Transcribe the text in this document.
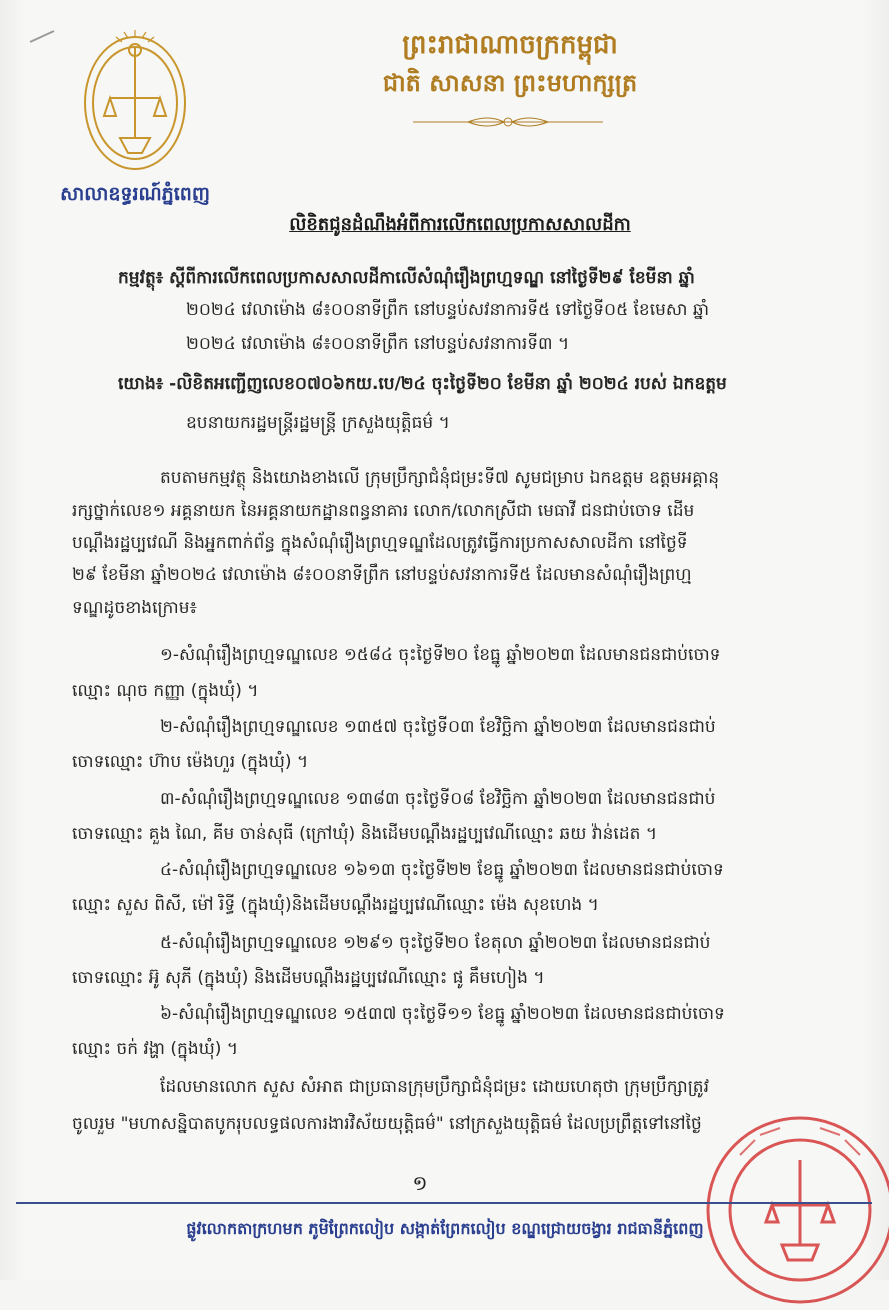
សាលាឧទ្ធរណ៍ភ្នំពេញ
ព្រះរាជាណាចក្រកម្ពុជា
ជាតិ សាសនា ព្រះមហាក្សត្រ
លិខិតជូនដំណឹងអំពីការលើកពេលប្រកាសសាលដីកា
កម្មវត្ថុ៖ ស្តីពីការលើកពេលប្រកាសសាលដីកាលើសំណុំរឿងព្រហ្មទណ្ឌ នៅថ្ងៃទី២៩ ខែមីនា ឆ្នាំ
២០២៤ វេលាម៉ោង ៨៖០០នាទីព្រឹក នៅបន្ទប់សវនាការទី៥ ទៅថ្ងៃទី០៥ ខែមេសា ឆ្នាំ
២០២៤ វេលាម៉ោង ៨៖០០នាទីព្រឹក នៅបន្ទប់សវនាការទី៣ ។
យោង៖ -លិខិតអញ្ជើញលេខ០៧០៦កយ.បេ/២៤ ចុះថ្ងៃទី២០ ខែមីនា ឆ្នាំ ២០២៤ របស់ ឯកឧត្តម
ឧបនាយករដ្ឋមន្ត្រីរដ្ឋមន្ត្រី ក្រសួងយុត្តិធម៌ ។
តបតាមកម្មវត្ថុ និងយោងខាងលើ ក្រុមប្រឹក្សាជំនុំជម្រះទី៧ សូមជម្រាប ឯកឧត្តម ឧត្តមអគ្គានុ
រក្សថ្នាក់លេខ១ អគ្គនាយក នៃអគ្គនាយកដ្ឋានពន្ធនាគារ លោក/លោកស្រីជា មេធាវី ជនជាប់ចោទ ដើម
បណ្តឹងរដ្ឋប្បវេណី និងអ្នកពាក់ព័ន្ធ ក្នុងសំណុំរឿងព្រហ្មទណ្ឌដែលត្រូវធ្វើការប្រកាសសាលដីកា នៅថ្ងៃទី
២៩ ខែមីនា ឆ្នាំ២០២៤ វេលាម៉ោង ៨៖០០នាទីព្រឹក នៅបន្ទប់សវនាការទី៥ ដែលមានសំណុំរឿងព្រហ្ម
ទណ្ឌដូចខាងក្រោម៖
១-សំណុំរឿងព្រហ្មទណ្ឌលេខ ១៥៨៤ ចុះថ្ងៃទី២០ ខែធ្នូ ឆ្នាំ២០២៣ ដែលមានជនជាប់ចោទ
ឈ្មោះ ណុច កញ្ញា (ក្នុងឃុំ) ។
២-សំណុំរឿងព្រហ្មទណ្ឌលេខ ១៣៥៧ ចុះថ្ងៃទី០៣ ខែវិច្ឆិកា ឆ្នាំ២០២៣ ដែលមានជនជាប់
ចោទឈ្មោះ ហ៊ាប ម៉េងហួរ (ក្នុងឃុំ) ។
៣-សំណុំរឿងព្រហ្មទណ្ឌលេខ ១៣៨៣ ចុះថ្ងៃទី០៨ ខែវិច្ឆិកា ឆ្នាំ២០២៣ ដែលមានជនជាប់
ចោទឈ្មោះ គួង ណៃ, គីម ចាន់សុធី (ក្រៅឃុំ) និងដើមបណ្តឹងរដ្ឋប្បវេណីឈ្មោះ ឆយ វ៉ាន់ដេត ។
៤-សំណុំរឿងព្រហ្មទណ្ឌលេខ ១៦១៣ ចុះថ្ងៃទី២២ ខែធ្នូ ឆ្នាំ២០២៣ ដែលមានជនជាប់ចោទ
ឈ្មោះ សួស ពិសី, ម៉ៅ រិទ្ធី (ក្នុងឃុំ)និងដើមបណ្តឹងរដ្ឋប្បវេណីឈ្មោះ ម៉េង សុខហេង ។
៥-សំណុំរឿងព្រហ្មទណ្ឌលេខ ១២៩១ ចុះថ្ងៃទី២០ ខែតុលា ឆ្នាំ២០២៣ ដែលមានជនជាប់
ចោទឈ្មោះ អ៊ូ សុភី (ក្នុងឃុំ) និងដើមបណ្តឹងរដ្ឋប្បវេណីឈ្មោះ ផូ គឹមហៀង ។
៦-សំណុំរឿងព្រហ្មទណ្ឌលេខ ១៥៣៧ ចុះថ្ងៃទី១១ ខែធ្នូ ឆ្នាំ២០២៣ ដែលមានជនជាប់ចោទ
ឈ្មោះ ចក់ វង្ហា (ក្នុងឃុំ) ។
ដែលមានលោក សួស សំអាត ជាប្រធានក្រុមប្រឹក្សាជំនុំជម្រះ ដោយហេតុថា ក្រុមប្រឹក្សាត្រូវ
ចូលរួម "មហាសន្និបាតបូករុបលទ្ធផលការងារវិស័យយុត្តិធម៌" នៅក្រសួងយុត្តិធម៌ ដែលប្រព្រឹត្តទៅនៅថ្ងៃ
១
ផ្លូវលោកតាក្រហមក ភូមិព្រែកលៀប សង្កាត់ព្រែកលៀប ខណ្ឌជ្រោយចង្វារ រាជធានីភ្នំពេញ
